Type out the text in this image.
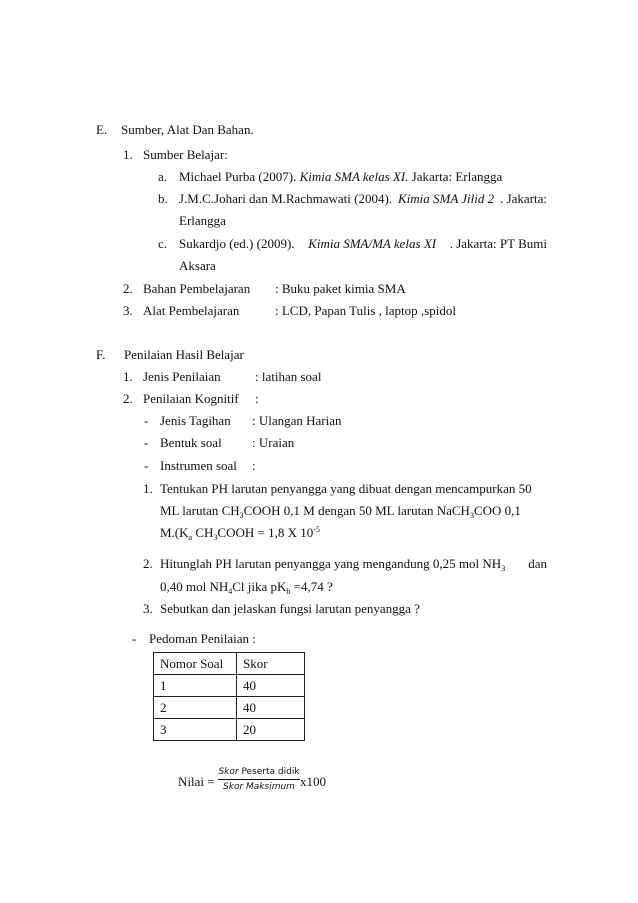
E. Sumber, Alat Dan Bahan.
1. Sumber Belajar:
a. Michael Purba (2007). Kimia SMA kelas XI. Jakarta: Erlangga
b. J.M.C.Johari dan M.Rachmawati (2004). Kimia SMA Jilid 2 . Jakarta:
Erlangga
c. Sukardjo (ed.) (2009). Kimia SMA/MA kelas XI . Jakarta: PT Bumi
Aksara
2. Bahan Pembelajaran : Buku paket kimia SMA
3. Alat Pembelajaran	: LCD, Papan Tulis , laptop ,spidol
F. Penilaian Hasil Belajar
1. Jenis Penilaian	: latihan soal
2. Penilaian Kognitif :
- Jenis Tagihan : Ulangan Harian
- Bentuk soal : Uraian
- Instrumen soal :
1. Tentukan PH larutan penyangga yang dibuat dengan mencampurkan 50
ML larutan $CH_3COOH$ 0,1 M dengan 50 ML larutan NaCH$_3$COO 0,1
$M.(K_a$ $CH_3COOH = 1,8$ X $10^{-5}$
2. Hitunglah PH larutan penyangga yang mengandung 0,25 mol $NH_3$ dan
0,40 mol $NH_4Cl$ jika $pK_b =4,74$ ?
3. Sebutkan dan jelaskan fungsi larutan penyangga ?
- Pedoman Penilaian :
Nomor Soal	Skor
1	40
2	40
3	20
Nilai =
Skor Peserta didik
Skor Maksimum x100
